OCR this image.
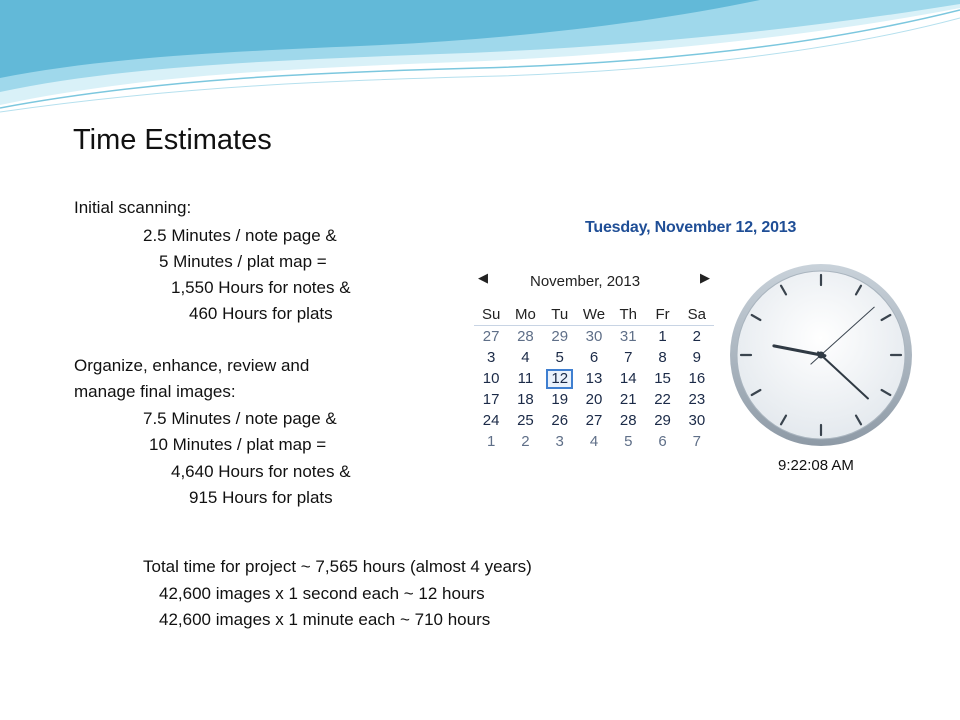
Time Estimates
Initial scanning:
2.5 Minutes / note page &
5 Minutes / plat map =
1,550 Hours for notes &
460 Hours for plats
Organize, enhance, review and
manage final images:
7.5 Minutes / note page &
10 Minutes / plat map =
4,640 Hours for notes &
915 Hours for plats
Total time for project ~ 7,565 hours (almost 4 years)
42,600 images x 1 second each ~ 12 hours
42,600 images x 1 minute each ~ 710 hours
Tuesday, November 12, 2013
◀	November, 2013	▶
Su	Mo	Tu	We	Th	Fr	Sa
27	28	29	30	31	1	2
3	4	5	6	7	8	9
10	11	12	13	14	15	16
17	18	19	20	21	22	23
24	25	26	27	28	29	30
1	2	3	4	5	6	7
9:22:08 AM
